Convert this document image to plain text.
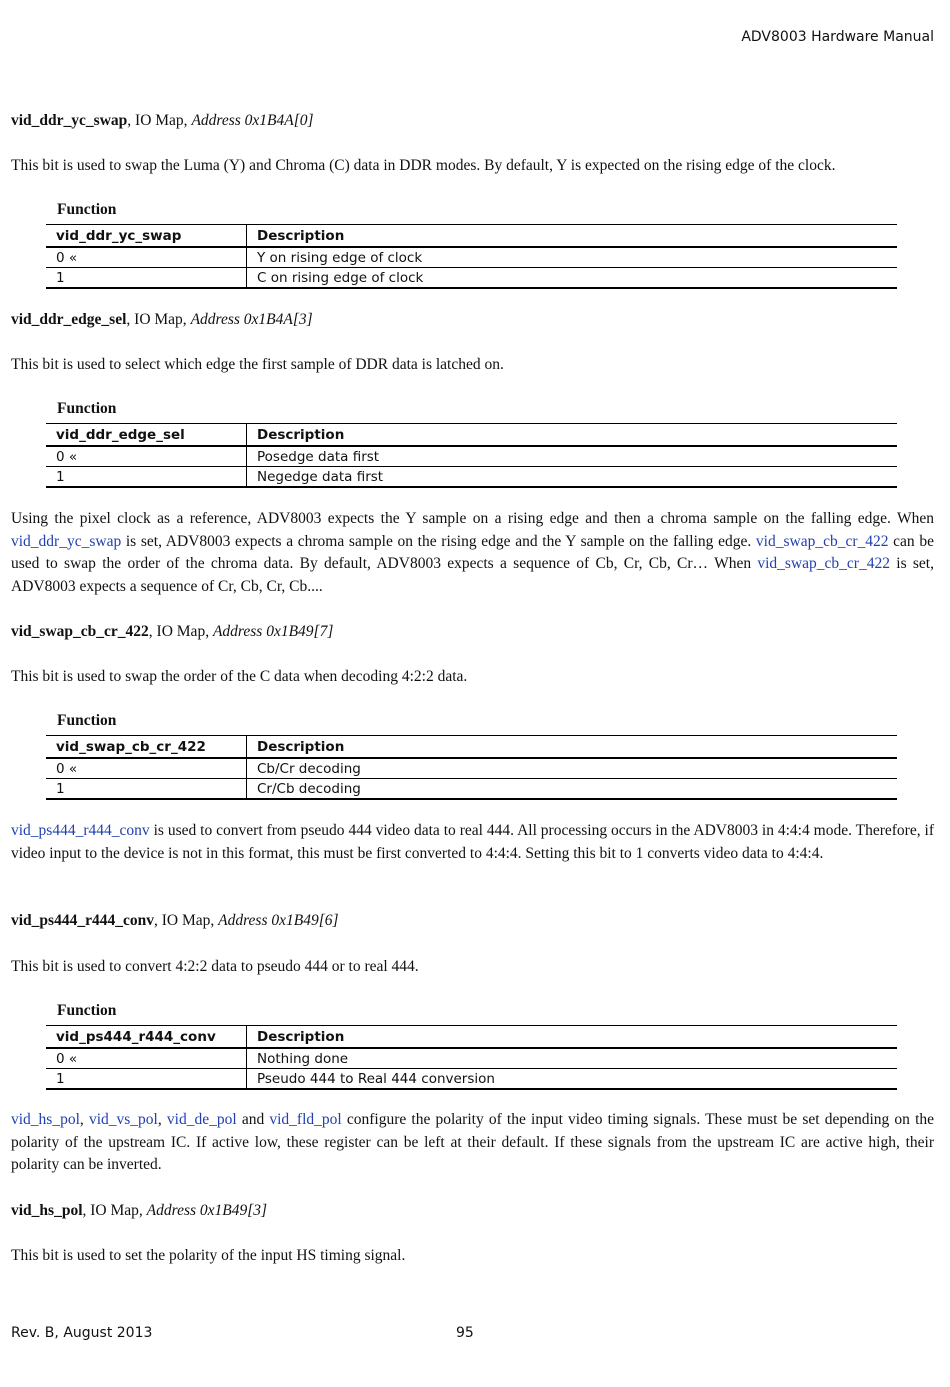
ADV8003 Hardware Manual
vid_ddr_yc_swap, IO Map, Address 0x1B4A[0]
This bit is used to swap the Luma (Y) and Chroma (C) data in DDR modes. By default, Y is expected on the rising edge of the clock.
Function
vid_ddr_yc_swap	Description
0 «	Y on rising edge of clock
1	C on rising edge of clock
vid_ddr_edge_sel, IO Map, Address 0x1B4A[3]
This bit is used to select which edge the first sample of DDR data is latched on.
Function
vid_ddr_edge_sel	Description
0 «	Posedge data first
1	Negedge data first
Using the pixel clock as a reference, ADV8003 expects the Y sample on a rising edge and then a chroma sample on the falling edge. When vid_ddr_yc_swap is set, ADV8003 expects a chroma sample on the rising edge and the Y sample on the falling edge. vid_swap_cb_cr_422 can be used to swap the order of the chroma data. By default, ADV8003 expects a sequence of Cb, Cr, Cb, Cr… When vid_swap_cb_cr_422 is set, ADV8003 expects a sequence of Cr, Cb, Cr, Cb....
vid_swap_cb_cr_422, IO Map, Address 0x1B49[7]
This bit is used to swap the order of the C data when decoding 4:2:2 data.
Function
vid_swap_cb_cr_422	Description
0 «	Cb/Cr decoding
1	Cr/Cb decoding
vid_ps444_r444_conv is used to convert from pseudo 444 video data to real 444. All processing occurs in the ADV8003 in 4:4:4 mode. Therefore, if video input to the device is not in this format, this must be first converted to 4:4:4. Setting this bit to 1 converts video data to 4:4:4.
vid_ps444_r444_conv, IO Map, Address 0x1B49[6]
This bit is used to convert 4:2:2 data to pseudo 444 or to real 444.
Function
vid_ps444_r444_conv	Description
0 «	Nothing done
1	Pseudo 444 to Real 444 conversion
vid_hs_pol, vid_vs_pol, vid_de_pol and vid_fld_pol configure the polarity of the input video timing signals. These must be set depending on the polarity of the upstream IC. If active low, these register can be left at their default. If these signals from the upstream IC are active high, their polarity can be inverted.
vid_hs_pol, IO Map, Address 0x1B49[3]
This bit is used to set the polarity of the input HS timing signal.
Rev. B, August 2013	95
